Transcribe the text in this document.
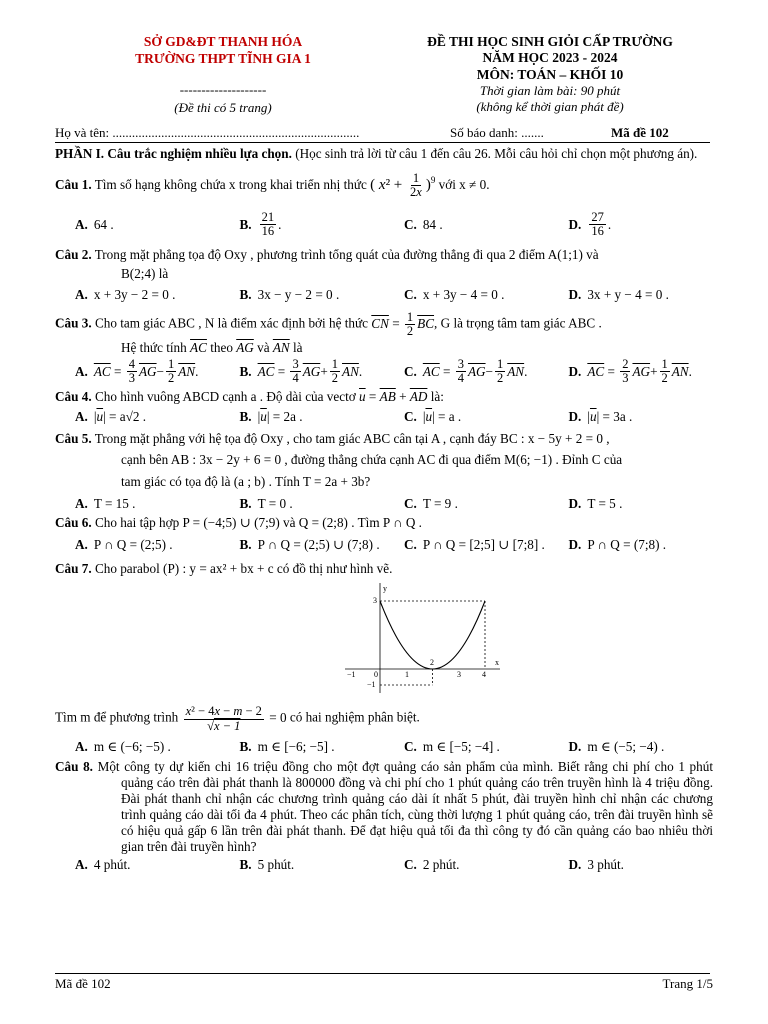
SỞ GD&ĐT THANH HÓA
TRƯỜNG THPT TĨNH GIA 1
--------------------
(Đề thi có 5 trang)
ĐỀ THI HỌC SINH GIỎI CẤP TRƯỜNG
NĂM HỌC 2023 - 2024
MÔN: TOÁN – KHỐI 10
Thời gian làm bài: 90 phút
(không kể thời gian phát đề)
Họ và tên: ............................................................................	Số báo danh: .......	Mã đề 102
PHẦN I. Câu trắc nghiệm nhiều lựa chọn. (Học sinh trả lời từ câu 1 đến câu 26. Mỗi câu hỏi chỉ chọn một phương án).
Câu 1. Tìm số hạng không chứa x trong khai triển nhị thức ( $x^2 + \frac{1}{2x} )^9$ với x ≠ 0.
A. 64 .	B. $\frac{21}{16}$ .	C. 84 .	D. $\frac{27}{16}$ .
Câu 2. Trong mặt phẳng tọa độ Oxy , phương trình tổng quát của đường thẳng đi qua 2 điểm A(1;1) và
B(2;4) là
A. x + 3y − 2 = 0 .	B. 3x − y − 2 = 0 .	C. x + 3y − 4 = 0 .	D. 3x + y − 4 = 0 .
Câu 3. Cho tam giác ABC , N là điểm xác định bởi hệ thức $\overline{CN} = \frac{1}{2} \overline{BC}$, G là trọng tâm tam giác ABC .
Hệ thức tính $\overline{AC}$ theo $\overline{AG}$ và $\overline{AN}$ là
A. $\overline{AC} = \frac{4}{3} \overline{AG} - \frac{1}{2} \overline{AN}$ .	B. $\overline{AC} = \frac{3}{4} \overline{AG} + \frac{1}{2} \overline{AN}$ .	C. $\overline{AC} = \frac{3}{4} \overline{AG} - \frac{1}{2} \overline{AN}$ .	D. $\overline{AC} = \frac{2}{3} \overline{AG} + \frac{1}{2} \overline{AN}$ .
Câu 4. Cho hình vuông ABCD cạnh a . Độ dài của vectơ $\overline{u} = \overline{AB} + \overline{AD}$ là:
A. | $\overline{u}$ | = a√2 .	B. | $\overline{u}$ | = 2a .	C. | $\overline{u}$ | = a .	D. | $\overline{u}$ | = 3a .
Câu 5. Trong mặt phẳng với hệ tọa độ Oxy , cho tam giác ABC cân tại A , cạnh đáy BC : x − 5y + 2 = 0 ,
cạnh bên AB : 3x − 2y + 6 = 0 , đường thẳng chứa cạnh AC đi qua điểm M(6; −1) . Đỉnh C của
tam giác có tọa độ là (a ; b) . Tính T = 2a + 3b?
A. T = 15 .	B. T = 0 .	C. T = 9 .	D. T = 5 .
Câu 6. Cho hai tập hợp P = (−4;5) ∪ (7;9) và Q = (2;8) . Tìm P ∩ Q .
A. P ∩ Q = (2;5) .	B. P ∩ Q = (2;5) ∪ (7;8) . C. P ∩ Q = [2;5] ∪ [7;8] . D. P ∩ Q = (7;8) .
Câu 7. Cho parabol (P) : y = ax² + bx + c có đồ thị như hình vẽ.
y
x
−1 0	1
2
3	4
3
−1
Tìm m để phương trình $\frac{\text{x² − 4x − m − 2}}{√x - 1} = 0$ có hai nghiệm phân biệt.
A. m ∈ (−6; −5) .	B. m ∈ [−6; −5] .	C. m ∈ [−5; −4] .	D. m ∈ (−5; −4) .
Câu 8. Một công ty dự kiến chi 16 triệu đồng cho một đợt quảng cáo sản phẩm của mình. Biết rằng chi phí cho 1 phút quảng cáo trên đài phát thanh là 800000 đồng và chi phí cho 1 phút quảng cáo trên truyền hình là 4 triệu đồng. Đài phát thanh chỉ nhận các chương trình quảng cáo dài ít nhất 5 phút, đài truyền hình chỉ nhận các chương trình quảng cáo dài tối đa 4 phút. Theo các phân tích, cùng thời lượng 1 phút quảng cáo, trên đài truyền hình sẽ có hiệu quả gấp 6 lần trên đài phát thanh. Để đạt hiệu quả tối đa thì công ty đó cần quảng cáo bao nhiêu thời gian trên đài truyền hình?
A. 4 phút.	B. 5 phút.	C. 2 phút.	D. 3 phút.
Mã đề 102	Trang 1/5
